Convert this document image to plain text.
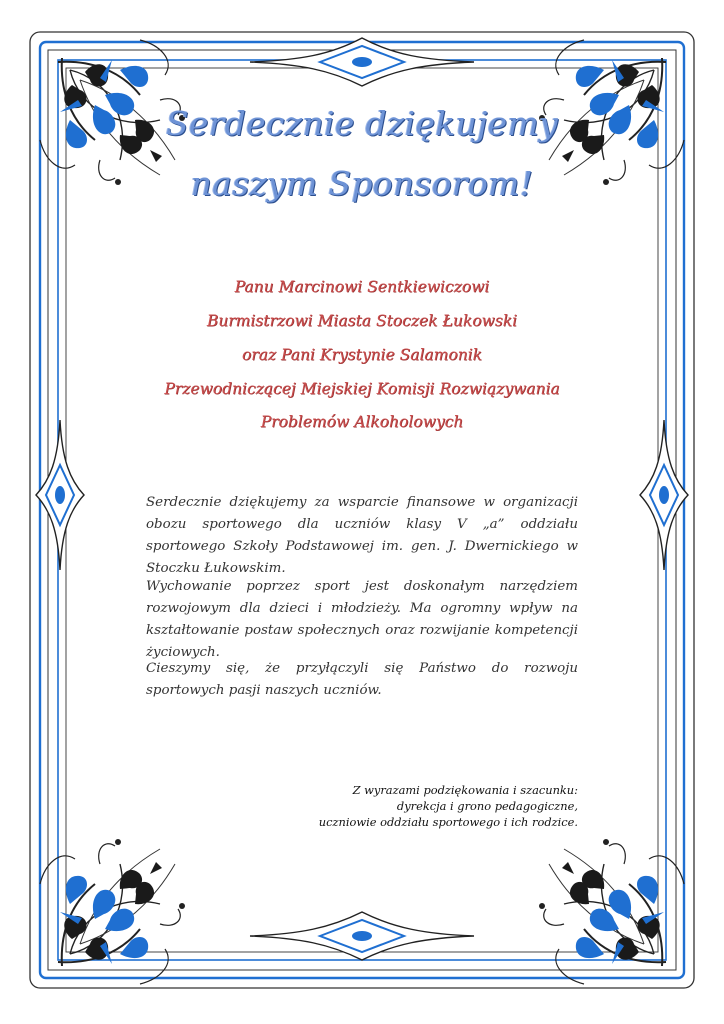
Serdecznie dziękujemy
naszym Sponsorom!

Panu Marcinowi Sentkiewiczowi

Burmistrzowi Miasta Stoczek Łukowski

oraz Pani Krystynie Salamonik

Przewodniczącej Miejskiej Komisji Rozwiązywania

Problemów Alkoholowych

Serdecznie dziękujemy za wsparcie finansowe w organizacji obozu sportowego dla uczniów klasy V „a” oddziału sportowego Szkoły Podstawowej im. gen. J. Dwernickiego w Stoczku Łukowskim.

Wychowanie poprzez sport jest doskonałym narzędziem rozwojowym dla dzieci i młodzieży. Ma ogromny wpływ na kształtowanie postaw społecznych oraz rozwijanie kompetencji życiowych.

Cieszymy się, że przyłączyli się Państwo do rozwoju sportowych pasji naszych uczniów.

Z wyrazami podziękowania i szacunku:

dyrekcja i grono pedagogiczne,

uczniowie oddziału sportowego i ich rodzice.
